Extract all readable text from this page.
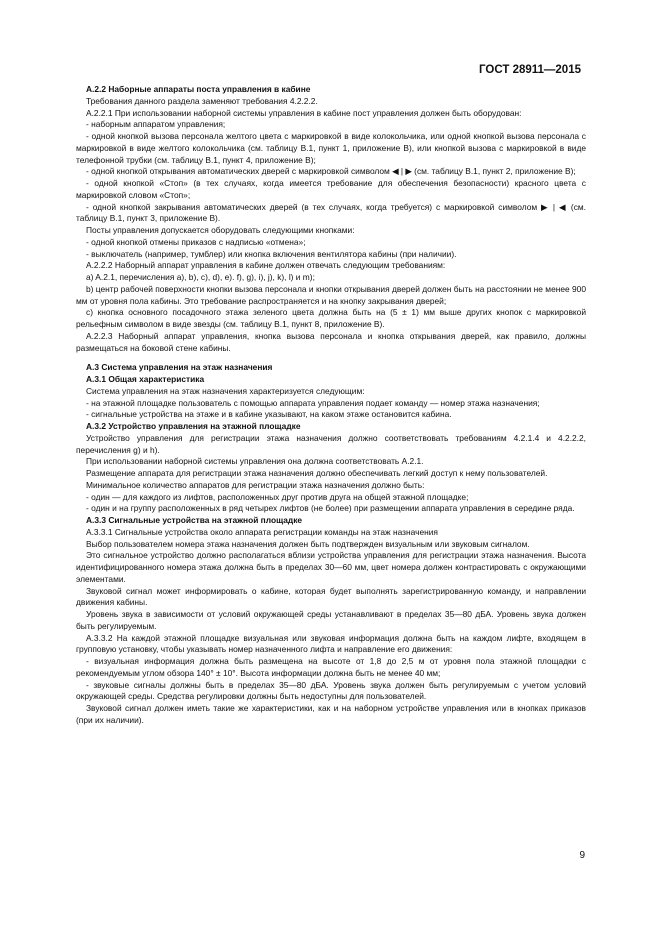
ГОСТ 28911—2015

A.2.2 Наборные аппараты поста управления в кабине

Требования данного раздела заменяют требования 4.2.2.2.

A.2.2.1 При использовании наборной системы управления в кабине пост управления должен быть оборудован:

- наборным аппаратом управления;

- одной кнопкой вызова персонала желтого цвета с маркировкой в виде колокольчика, или одной кнопкой вызова персонала с маркировкой в виде желтого колокольчика (см. таблицу В.1, пункт 1, приложение В), или кнопкой вызова с маркировкой в виде телефонной трубки (см. таблицу В.1, пункт 4, приложение В);

- одной кнопкой открывания автоматических дверей с маркировкой символом ◀ | ▶ (см. таблицу В.1, пункт 2, приложение В);

- одной кнопкой «Стоп» (в тех случаях, когда имеется требование для обеспечения безопасности) красного цвета с маркировкой словом «Стоп»;

- одной кнопкой закрывания автоматических дверей (в тех случаях, когда требуется) с маркировкой символом ▶ | ◀ (см. таблицу В.1, пункт 3, приложение В).

Посты управления допускается оборудовать следующими кнопками:

- одной кнопкой отмены приказов с надписью «отмена»;

- выключатель (например, тумблер) или кнопка включения вентилятора кабины (при наличии).

A.2.2.2 Наборный аппарат управления в кабине должен отвечать следующим требованиям:

a) A.2.1, перечисления a), b), c), d), e). f), g), i), j), k), l) и m);

b) центр рабочей поверхности кнопки вызова персонала и кнопки открывания дверей должен быть на расстоянии не менее 900 мм от уровня пола кабины. Это требование распространяется и на кнопку закрывания дверей;

c) кнопка основного посадочного этажа зеленого цвета должна быть на (5 ± 1) мм выше других кнопок с маркировкой рельефным символом в виде звезды (см. таблицу В.1, пункт 8, приложение В).

A.2.2.3 Наборный аппарат управления, кнопка вызова персонала и кнопка открывания дверей, как правило, должны размещаться на боковой стене кабины.

A.3 Система управления на этаж назначения

A.3.1 Общая характеристика

Система управления на этаж назначения характеризуется следующим:

- на этажной площадке пользователь с помощью аппарата управления подает команду — номер этажа назначения;

- сигнальные устройства на этаже и в кабине указывают, на каком этаже остановится кабина.

A.3.2 Устройство управления на этажной площадке

Устройство управления для регистрации этажа назначения должно соответствовать требованиям 4.2.1.4 и 4.2.2.2, перечисления g) и h).

При использовании наборной системы управления она должна соответствовать A.2.1.

Размещение аппарата для регистрации этажа назначения должно обеспечивать легкий доступ к нему пользователей.

Минимальное количество аппаратов для регистрации этажа назначения должно быть:

- один — для каждого из лифтов, расположенных друг против друга на общей этажной площадке;

- один и на группу расположенных в ряд четырех лифтов (не более) при размещении аппарата управления в середине ряда.

A.3.3 Сигнальные устройства на этажной площадке

A.3.3.1 Сигнальные устройства около аппарата регистрации команды на этаж назначения

Выбор пользователем номера этажа назначения должен быть подтвержден визуальным или звуковым сигналом.

Это сигнальное устройство должно располагаться вблизи устройства управления для регистрации этажа назначения. Высота идентифицированного номера этажа должна быть в пределах 30—60 мм, цвет номера должен контрастировать с окружающими элементами.

Звуковой сигнал может информировать о кабине, которая будет выполнять зарегистрированную команду, и направлении движения кабины.

Уровень звука в зависимости от условий окружающей среды устанавливают в пределах 35—80 дБА. Уровень звука должен быть регулируемым.

A.3.3.2 На каждой этажной площадке визуальная или звуковая информация должна быть на каждом лифте, входящем в групповую установку, чтобы указывать номер назначенного лифта и направление его движения:

- визуальная информация должна быть размещена на высоте от 1,8 до 2,5 м от уровня пола этажной площадки с рекомендуемым углом обзора 140° ± 10°. Высота информации должна быть не менее 40 мм;

- звуковые сигналы должны быть в пределах 35—80 дБА. Уровень звука должен быть регулируемым с учетом условий окружающей среды. Средства регулировки должны быть недоступны для пользователей.

Звуковой сигнал должен иметь такие же характеристики, как и на наборном устройстве управления или в кнопках приказов (при их наличии).

9
